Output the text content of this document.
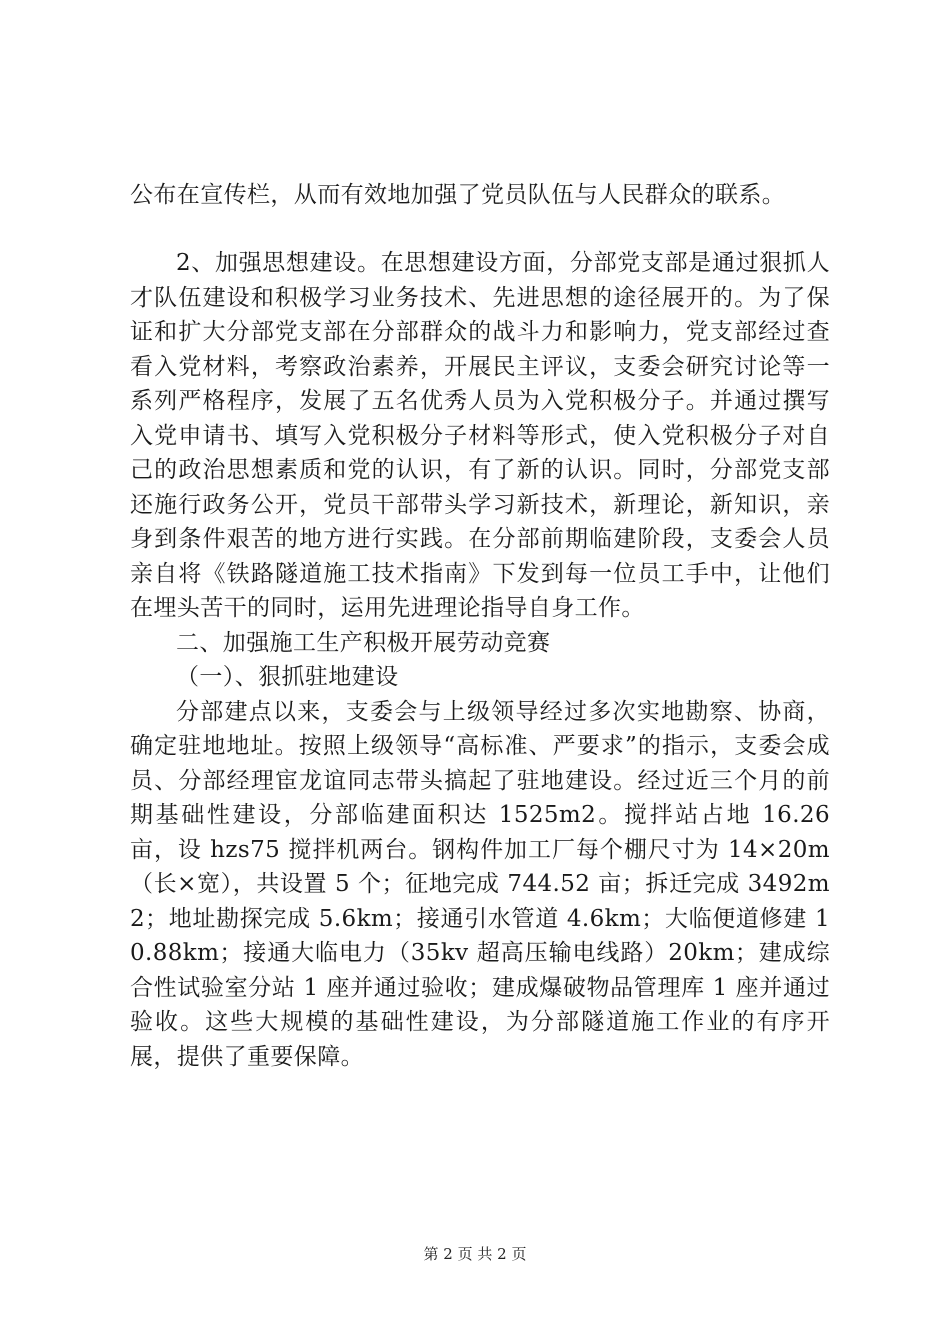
公布在宣传栏，从而有效地加强了党员队伍与人民群众的联系。

2、加强思想建设。在思想建设方面，分部党支部是通过狠抓人才队伍建设和积极学习业务技术、先进思想的途径展开的。为了保证和扩大分部党支部在分部群众的战斗力和影响力，党支部经过查看入党材料，考察政治素养，开展民主评议，支委会研究讨论等一系列严格程序，发展了五名优秀人员为入党积极分子。并通过撰写入党申请书、填写入党积极分子材料等形式，使入党积极分子对自己的政治思想素质和党的认识，有了新的认识。同时，分部党支部还施行政务公开，党员干部带头学习新技术，新理论，新知识，亲身到条件艰苦的地方进行实践。在分部前期临建阶段，支委会人员亲自将《铁路隧道施工技术指南》下发到每一位员工手中，让他们在埋头苦干的同时，运用先进理论指导自身工作。

二、加强施工生产积极开展劳动竞赛

（一）、狠抓驻地建设

分部建点以来，支委会与上级领导经过多次实地勘察、协商，确定驻地地址。按照上级领导“高标准、严要求”的指示，支委会成员、分部经理宦龙谊同志带头搞起了驻地建设。经过近三个月的前期基础性建设，分部临建面积达 1525m2。搅拌站占地 16.26 亩，设 hzs75 搅拌机两台。钢构件加工厂每个棚尺寸为 14×20m（长×宽），共设置 5 个；征地完成 744.52 亩；拆迁完成 3492m2；地址勘探完成 5.6km；接通引水管道 4.6km；大临便道修建 10.88km；接通大临电力（35kv 超高压输电线路）20km；建成综合性试验室分站 1 座并通过验收；建成爆破物品管理库 1 座并通过验收。这些大规模的基础性建设，为分部隧道施工作业的有序开展，提供了重要保障。

第 2 页 共 2 页
